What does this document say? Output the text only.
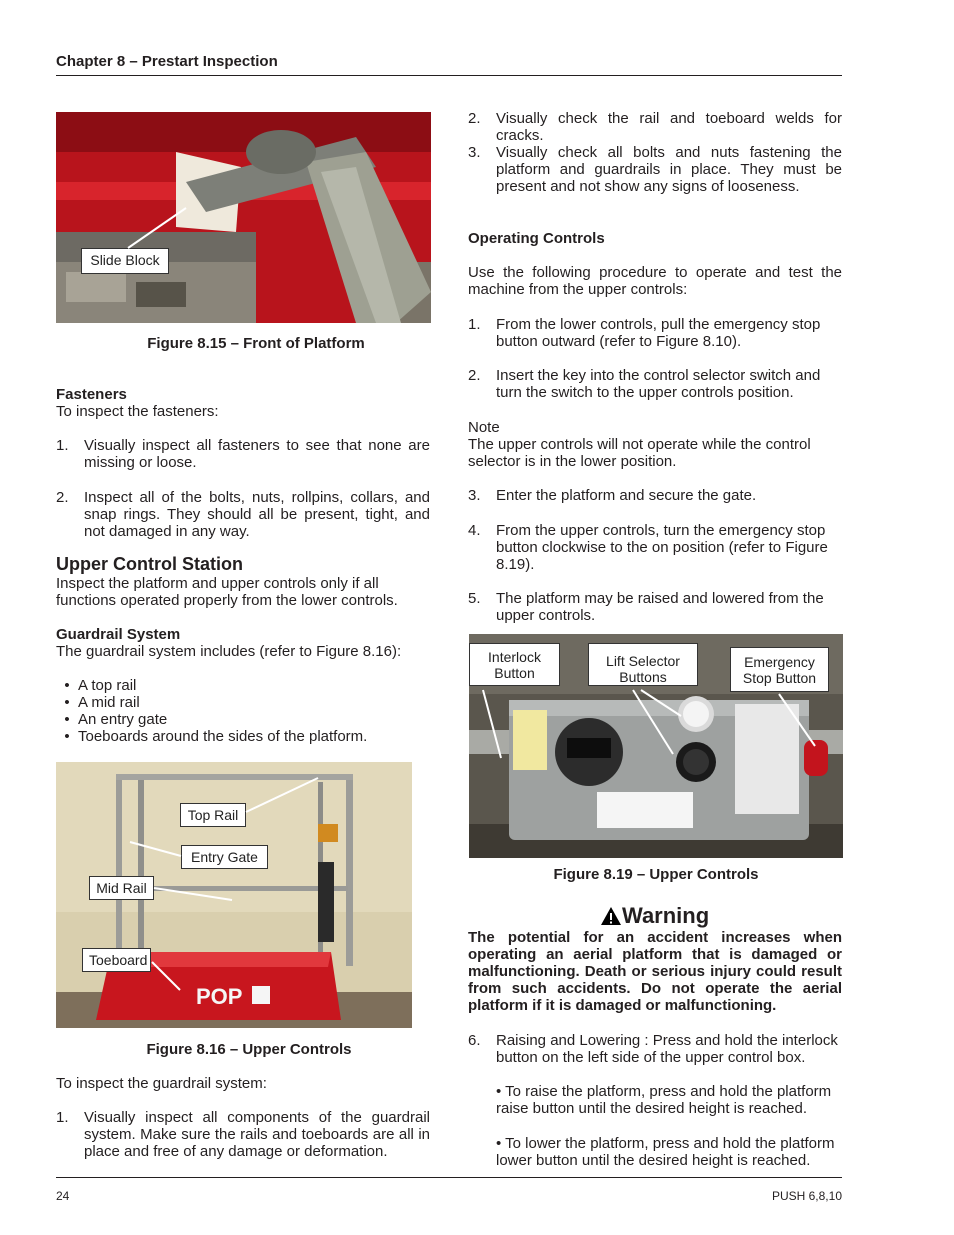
Chapter 8 – Prestart Inspection
Slide Block
Figure 8.15 – Front of Platform
Fasteners
To inspect the fasteners:
1.	Visually inspect all fasteners to see that none are missing or loose.
2.	Inspect all of the bolts, nuts, rollpins, collars, and snap rings. They should all be present, tight, and not damaged in any way.
Upper Control Station
Inspect the platform and upper controls only if all functions operated properly from the lower controls.
Guardrail System
The guardrail system includes (refer to Figure 8.16):
• A top rail
• A mid rail
• An entry gate
• Toeboards around the sides of the platform.
POP
Top Rail
Entry Gate
Mid Rail
Toeboard
Figure 8.16 – Upper Controls
To inspect the guardrail system:
1.	Visually inspect all components of the guardrail system. Make sure the rails and toeboards are all in place and free of any damage or deformation.
2.	Visually check the rail and toeboard welds for cracks.
3.	Visually check all bolts and nuts fastening the platform and guardrails in place. They must be present and not show any signs of looseness.
Operating Controls
Use the following procedure to operate and test the machine from the upper controls:
1.	From the lower controls, pull the emergency stop button outward (refer to Figure 8.10).
2.	Insert the key into the control selector switch and turn the switch to the upper controls position.
Note
The upper controls will not operate while the control selector is in the lower position.
3.	Enter the platform and secure the gate.
4.	From the upper controls, turn the emergency stop button clockwise to the on position (refer to Figure 8.19).
5.	The platform may be raised and lowered from the upper controls.
Interlock Button
Lift Selector Buttons
Emergency Stop Button
Figure 8.19 – Upper Controls
Warning
The potential for an accident increases when operating an aerial platform that is damaged or malfunctioning. Death or serious injury could result from such accidents. Do not operate the aerial platform if it is damaged or malfunctioning.
6.	Raising and Lowering : Press and hold the interlock button on the left side of the upper control box.
• To raise the platform, press and hold the platform raise button until the desired height is reached.
• To lower the platform, press and hold the platform lower button until the desired height is reached.
24	PUSH 6,8,10
